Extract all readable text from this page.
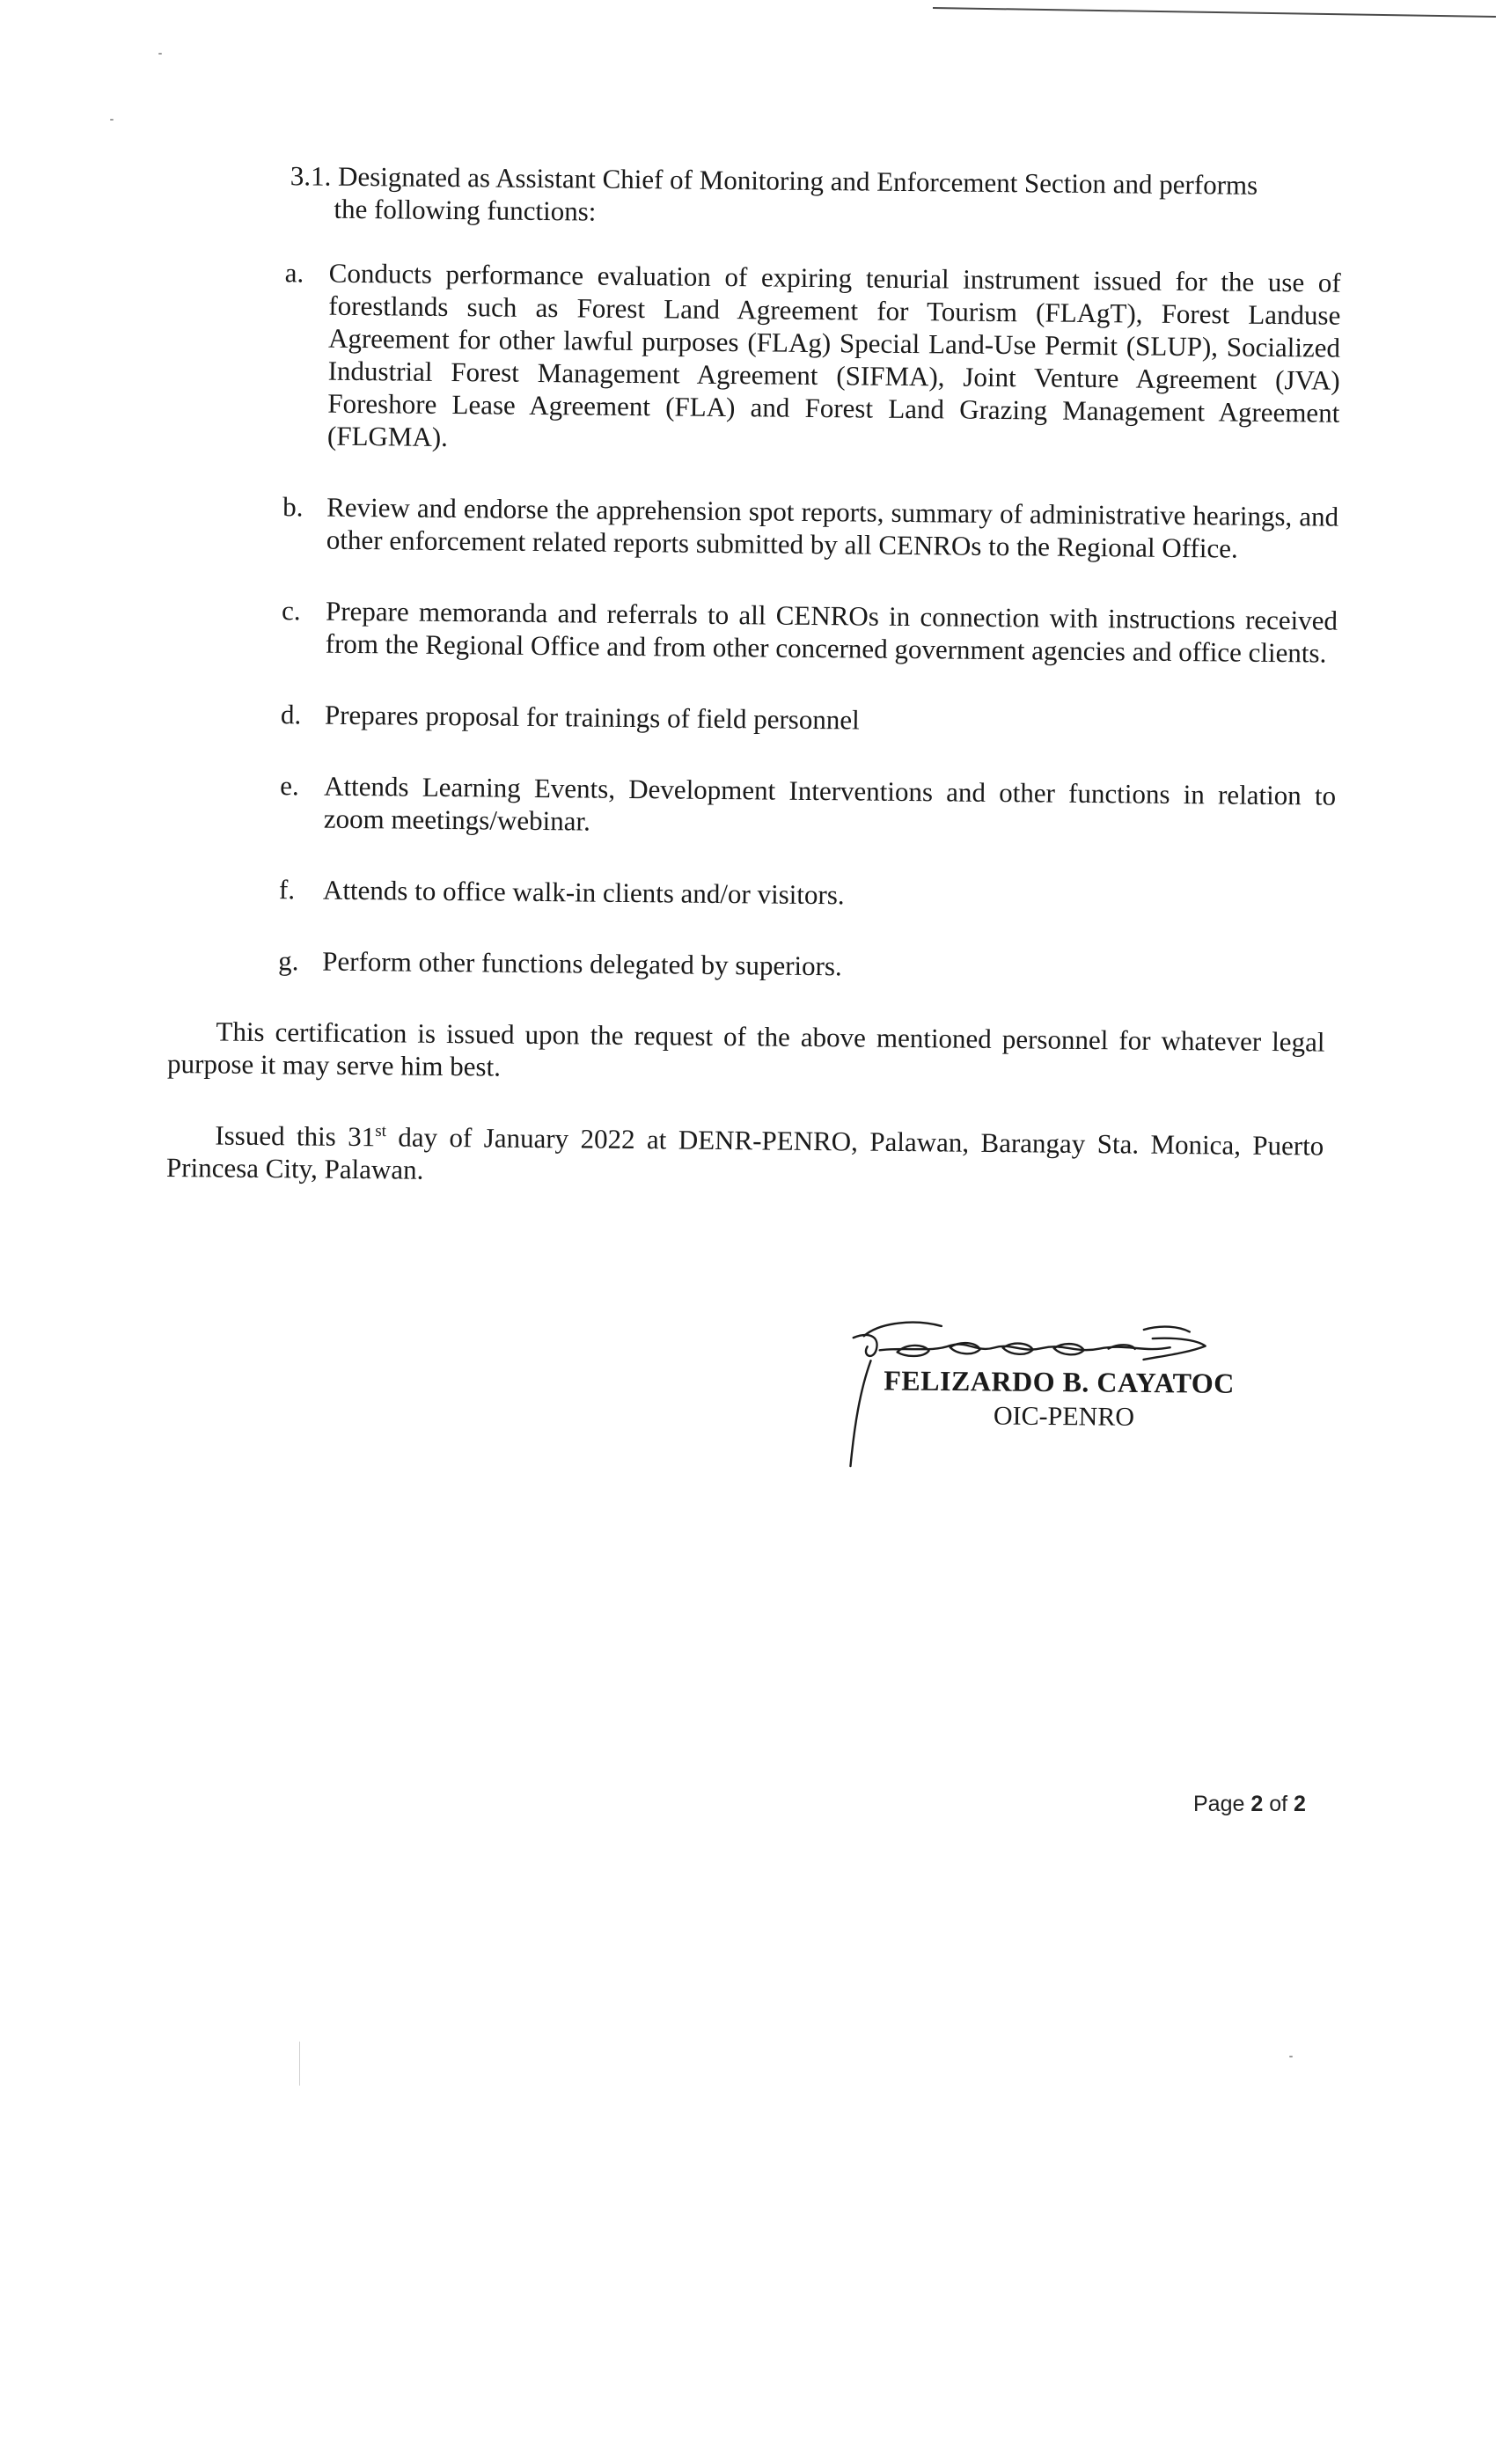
3.1. Designated as Assistant Chief of Monitoring and Enforcement Section and performs
the following functions:
a. Conducts performance evaluation of expiring tenurial instrument issued for the use of forestlands such as Forest Land Agreement for Tourism (FLAgT), Forest Landuse Agreement for other lawful purposes (FLAg) Special Land-Use Permit (SLUP), Socialized Industrial Forest Management Agreement (SIFMA), Joint Venture Agreement (JVA) Foreshore Lease Agreement (FLA) and Forest Land Grazing Management Agreement (FLGMA).
b. Review and endorse the apprehension spot reports, summary of administrative hearings, and other enforcement related reports submitted by all CENROs to the Regional Office.
c. Prepare memoranda and referrals to all CENROs in connection with instructions received from the Regional Office and from other concerned government agencies and office clients.
d. Prepares proposal for trainings of field personnel
e. Attends Learning Events, Development Interventions and other functions in relation to zoom meetings/webinar.
f. Attends to office walk-in clients and/or visitors.
g. Perform other functions delegated by superiors.

This certification is issued upon the request of the above mentioned personnel for whatever legal purpose it may serve him best.

Issued this 31st day of January 2022 at DENR-PENRO, Palawan, Barangay Sta. Monica, Puerto Princesa City, Palawan.

FELIZARDO B. CAYATOC
OIC-PENRO
Page 2 of 2
